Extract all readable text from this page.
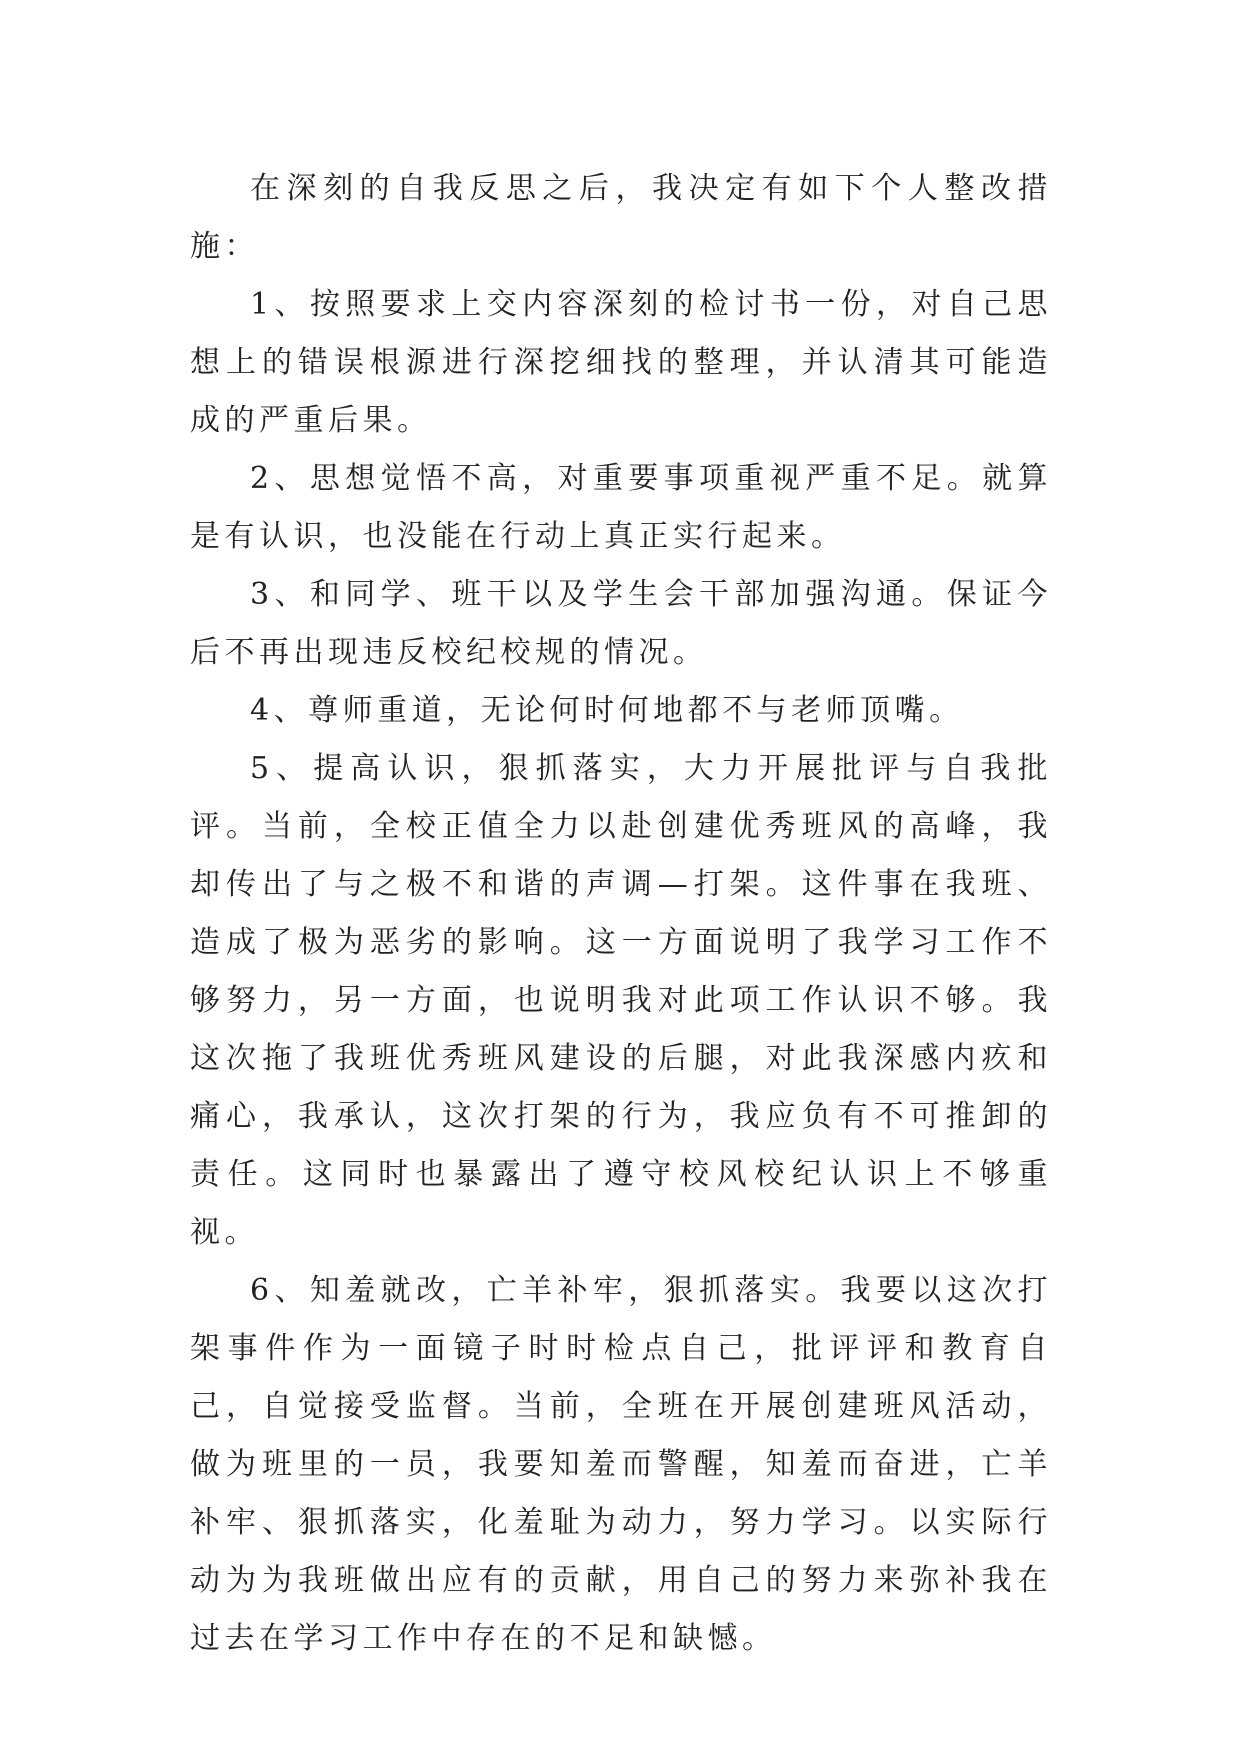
在深刻的自我反思之后，我决定有如下个人整改措施：

1、按照要求上交内容深刻的检讨书一份，对自己思想上的错误根源进行深挖细找的整理，并认清其可能造成的严重后果。

2、思想觉悟不高，对重要事项重视严重不足。就算是有认识，也没能在行动上真正实行起来。

3、和同学、班干以及学生会干部加强沟通。保证今后不再出现违反校纪校规的情况。

4、尊师重道，无论何时何地都不与老师顶嘴。

5、提高认识，狠抓落实，大力开展批评与自我批评。当前，全校正值全力以赴创建优秀班风的高峰，我却传出了与之极不和谐的声调—打架。这件事在我班、造成了极为恶劣的影响。这一方面说明了我学习工作不够努力，另一方面，也说明我对此项工作认识不够。我这次拖了我班优秀班风建设的后腿，对此我深感内疚和痛心，我承认，这次打架的行为，我应负有不可推卸的责任。这同时也暴露出了遵守校风校纪认识上不够重视。

6、知羞就改，亡羊补牢，狠抓落实。我要以这次打架事件作为一面镜子时时检点自己，批评评和教育自己，自觉接受监督。当前，全班在开展创建班风活动，做为班里的一员，我要知羞而警醒，知羞而奋进，亡羊补牢、狠抓落实，化羞耻为动力，努力学习。以实际行动为为我班做出应有的贡献，用自己的努力来弥补我在过去在学习工作中存在的不足和缺憾。
